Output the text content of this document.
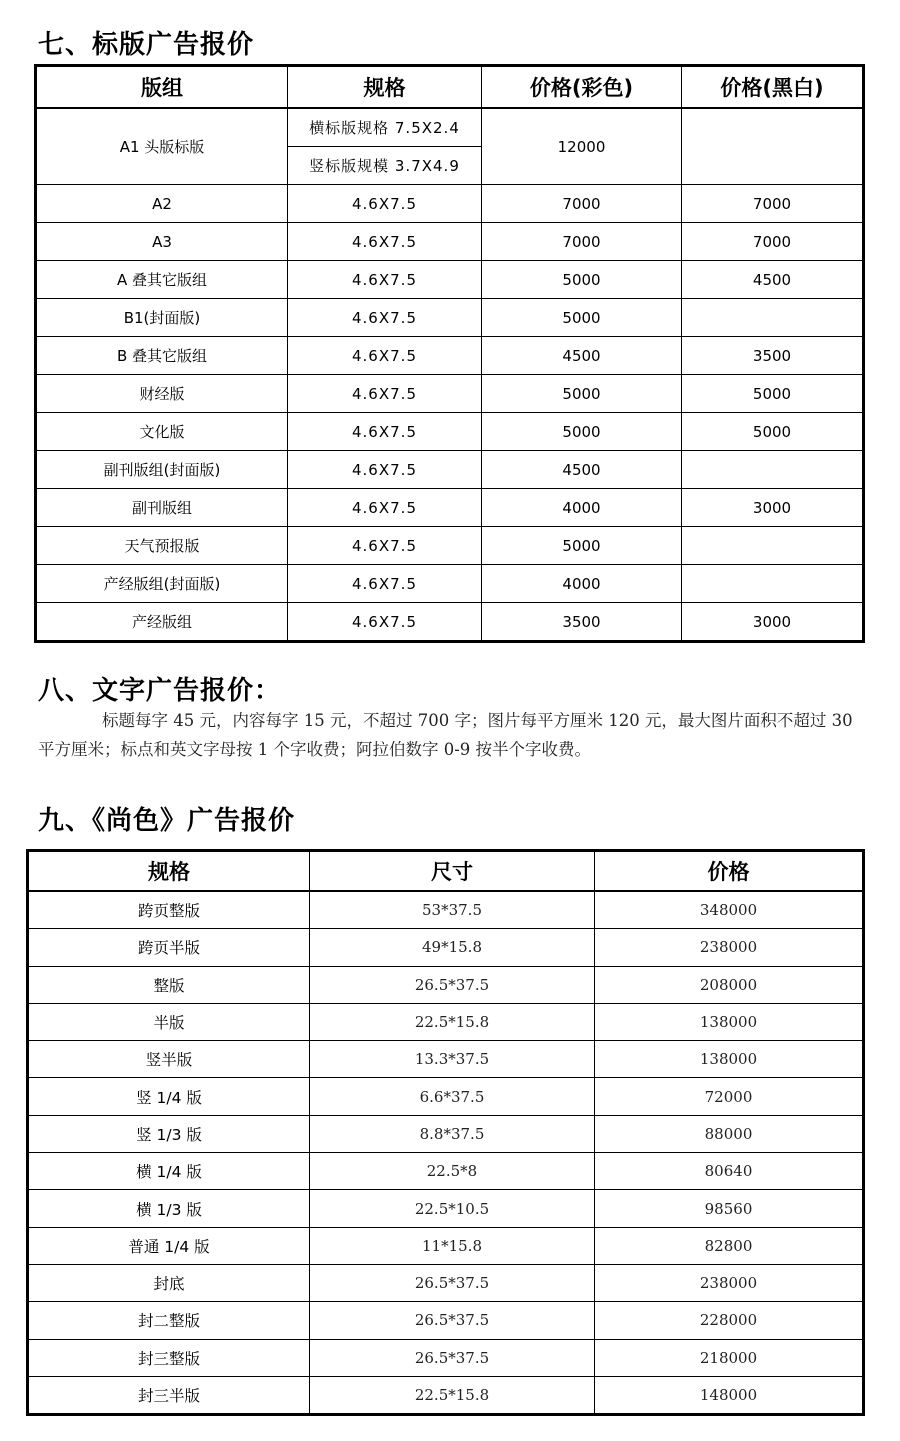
七、标版广告报价
版组	规格	价格(彩色)	价格(黑白)
A1 头版标版	横标版规格 7.5X2.4	12000	
	竖标版规模 3.7X4.9		
A2	4.6X7.5	7000	7000
A3	4.6X7.5	7000	7000
A 叠其它版组	4.6X7.5	5000	4500
B1(封面版)	4.6X7.5	5000	
B 叠其它版组	4.6X7.5	4500	3500
财经版	4.6X7.5	5000	5000
文化版	4.6X7.5	5000	5000
副刊版组(封面版)	4.6X7.5	4500	
副刊版组	4.6X7.5	4000	3000
天气预报版	4.6X7.5	5000	
产经版组(封面版)	4.6X7.5	4000	
产经版组	4.6X7.5	3500	3000
八、文字广告报价：

标题每字 45 元，内容每字 15 元，不超过 700 字；图片每平方厘米 120 元，最大图片面积不超过 30 平方厘米；标点和英文字母按 1 个字收费；阿拉伯数字 0-9 按半个字收费。

九、《尚色》广告报价
规格	尺寸	价格
跨页整版	53*37.5	348000
跨页半版	49*15.8	238000
整版	26.5*37.5	208000
半版	22.5*15.8	138000
竖半版	13.3*37.5	138000
竖 1/4 版	6.6*37.5	72000
竖 1/3 版	8.8*37.5	88000
横 1/4 版	22.5*8	80640
横 1/3 版	22.5*10.5	98560
普通 1/4 版	11*15.8	82800
封底	26.5*37.5	238000
封二整版	26.5*37.5	228000
封三整版	26.5*37.5	218000
封三半版	22.5*15.8	148000
